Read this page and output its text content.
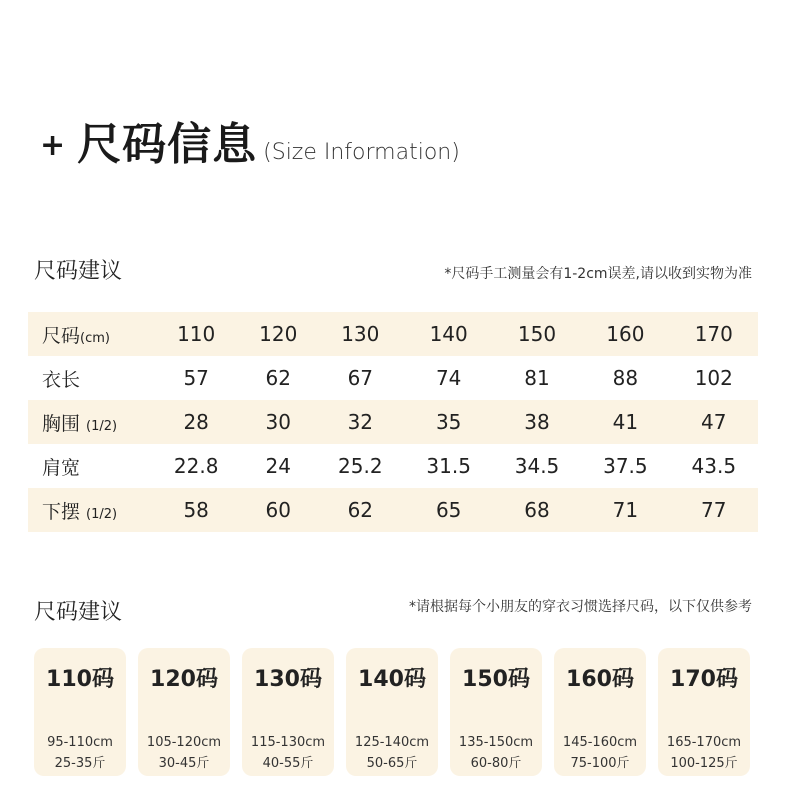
+ 尺码信息 (Size Information)
尺码建议	*尺码手工测量会有1-2cm误差,请以收到实物为准
尺码(cm)	110	120	130	140	150	160	170
衣长	57	62	67	74	81	88	102
胸围 (1/2)	28	30	32	35	38	41	47
肩宽	22.8	24	25.2	31.5	34.5	37.5	43.5
下摆 (1/2)	58	60	62	65	68	71	77
尺码建议	*请根据每个小朋友的穿衣习惯选择尺码，以下仅供参考
110码
95-110cm
25-35斤
120码
105-120cm
30-45斤
130码
115-130cm
40-55斤
140码
125-140cm
50-65斤
150码
135-150cm
60-80斤
160码
145-160cm
75-100斤
170码
165-170cm
100-125斤
